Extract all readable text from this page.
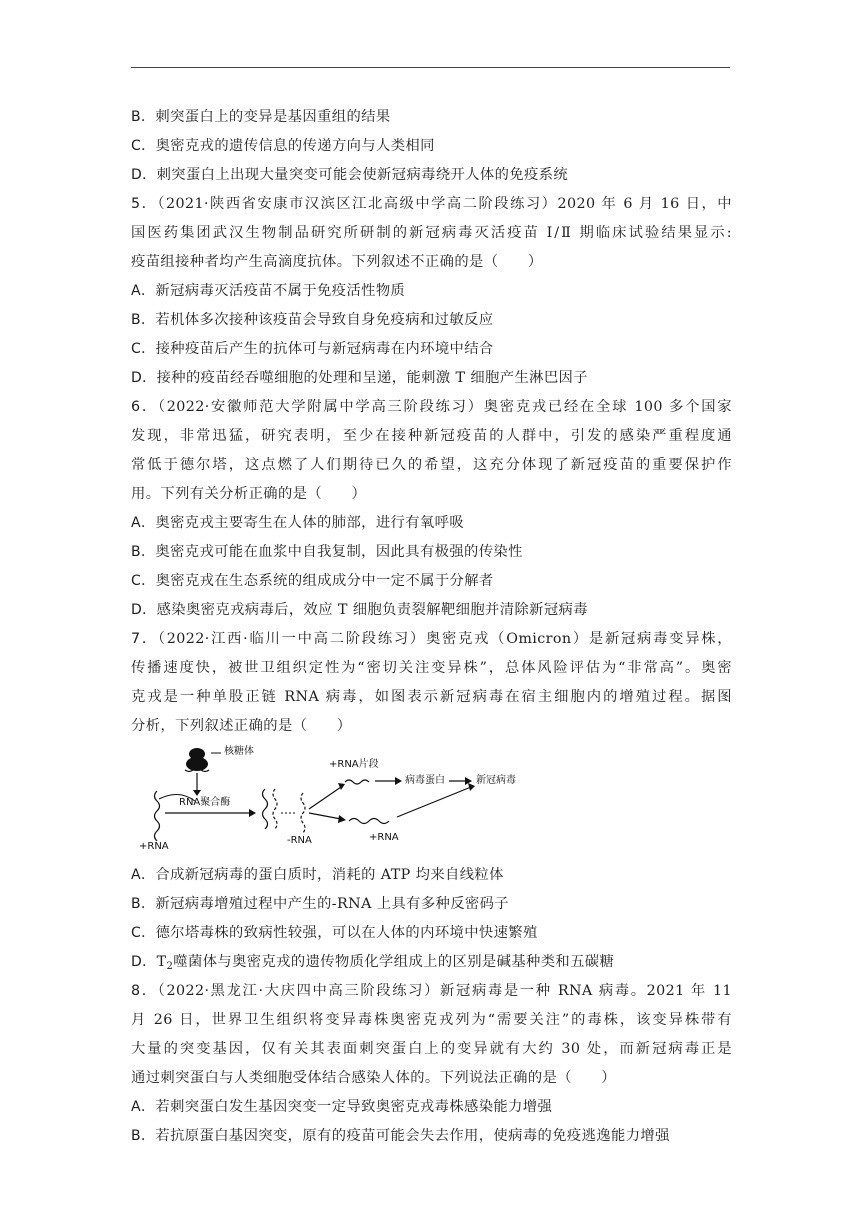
B．刺突蛋白上的变异是基因重组的结果
C．奥密克戎的遗传信息的传递方向与人类相同
D．刺突蛋白上出现大量突变可能会使新冠病毒绕开人体的免疫系统
5．（2021·陕西省安康市汉滨区江北高级中学高二阶段练习）2020 年 6 月 16 日，中
国医药集团武汉生物制品研究所研制的新冠病毒灭活疫苗 Ⅰ/Ⅱ 期临床试验结果显示:
疫苗组接种者均产生高滴度抗体。下列叙述不正确的是（　　）
A．新冠病毒灭活疫苗不属于免疫活性物质
B．若机体多次接种该疫苗会导致自身免疫病和过敏反应
C．接种疫苗后产生的抗体可与新冠病毒在内环境中结合
D．接种的疫苗经吞噬细胞的处理和呈递，能刺激 T 细胞产生淋巴因子
6．（2022·安徽师范大学附属中学高三阶段练习）奥密克戎已经在全球 100 多个国家
发现，非常迅猛，研究表明，至少在接种新冠疫苗的人群中，引发的感染严重程度通
常低于德尔塔，这点燃了人们期待已久的希望，这充分体现了新冠疫苗的重要保护作
用。下列有关分析正确的是（　　）
A．奥密克戎主要寄生在人体的肺部，进行有氧呼吸
B．奥密克戎可能在血浆中自我复制，因此具有极强的传染性
C．奥密克戎在生态系统的组成成分中一定不属于分解者
D．感染奥密克戎病毒后，效应 T 细胞负责裂解靶细胞并清除新冠病毒
7．（2022·江西·临川一中高二阶段练习）奥密克戎（Omicron）是新冠病毒变异株，
传播速度快，被世卫组织定性为“密切关注变异株”，总体风险评估为“非常高”。奥密
克戎是一种单股正链 RNA 病毒，如图表示新冠病毒在宿主细胞内的增殖过程。据图
分析，下列叙述正确的是（　　）
核糖体
RNA聚合酶
+RNA
-RNA
+RNA片段
病毒蛋白	新冠病毒
+RNA
A．合成新冠病毒的蛋白质时，消耗的 ATP 均来自线粒体
B．新冠病毒增殖过程中产生的-RNA 上具有多种反密码子
C．德尔塔毒株的致病性较强，可以在人体的内环境中快速繁殖
D．$T_2$噬菌体与奥密克戎的遗传物质化学组成上的区别是碱基种类和五碳糖
8．（2022·黑龙江·大庆四中高三阶段练习）新冠病毒是一种 RNA 病毒。2021 年 11
月 26 日，世界卫生组织将变异毒株奥密克戎列为“需要关注”的毒株，该变异株带有
大量的突变基因，仅有关其表面刺突蛋白上的变异就有大约 30 处，而新冠病毒正是
通过刺突蛋白与人类细胞受体结合感染人体的。下列说法正确的是（　　）
A．若刺突蛋白发生基因突变一定导致奥密克戎毒株感染能力增强
B．若抗原蛋白基因突变，原有的疫苗可能会失去作用，使病毒的免疫逃逸能力增强
